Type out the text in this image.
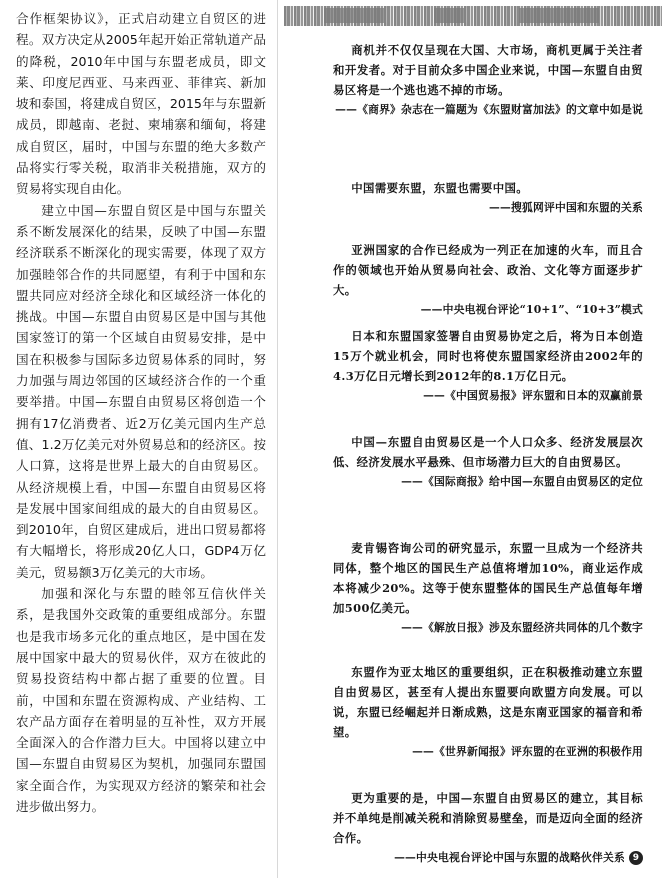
合作框架协议》，正式启动建立自贸区的进程。双方决定从2005年起开始正常轨道产品的降税，2010年中国与东盟老成员，即文莱、印度尼西亚、马来西亚、菲律宾、新加坡和泰国，将建成自贸区，2015年与东盟新成员，即越南、老挝、柬埔寨和缅甸，将建成自贸区，届时，中国与东盟的绝大多数产品将实行零关税，取消非关税措施，双方的贸易将实现自由化。

建立中国—东盟自贸区是中国与东盟关系不断发展深化的结果，反映了中国—东盟经济联系不断深化的现实需要，体现了双方加强睦邻合作的共同愿望，有利于中国和东盟共同应对经济全球化和区域经济一体化的挑战。中国—东盟自由贸易区是中国与其他国家签订的第一个区域自由贸易安排，是中国在积极参与国际多边贸易体系的同时，努力加强与周边邻国的区域经济合作的一个重要举措。中国—东盟自由贸易区将创造一个拥有17亿消费者、近2万亿美元国内生产总值、1.2万亿美元对外贸易总和的经济区。按人口算，这将是世界上最大的自由贸易区。从经济规模上看，中国—东盟自由贸易区将是发展中国家间组成的最大的自由贸易区。到2010年，自贸区建成后，进出口贸易都将有大幅增长，将形成20亿人口，GDP4万亿美元，贸易额3万亿美元的大市场。

加强和深化与东盟的睦邻互信伙伴关系，是我国外交政策的重要组成部分。东盟也是我市场多元化的重点地区，是中国在发展中国家中最大的贸易伙伴，双方在彼此的贸易投资结构中都占据了重要的位置。目前，中国和东盟在资源构成、产业结构、工农产品方面存在着明显的互补性，双方开展全面深入的合作潜力巨大。中国将以建立中国—东盟自由贸易区为契机，加强同东盟国家全面合作，为实现双方经济的繁荣和社会进步做出努力。

商机并不仅仅呈现在大国、大市场，商机更属于关注者和开发者。对于目前众多中国企业来说，中国—东盟自由贸易区将是一个逃也逃不掉的市场。

——《商界》杂志在一篇题为《东盟财富加法》的文章中如是说

中国需要东盟，东盟也需要中国。

——搜狐网评中国和东盟的关系

亚洲国家的合作已经成为一列正在加速的火车，而且合作的领域也开始从贸易向社会、政治、文化等方面逐步扩大。

——中央电视台评论“10+1”、“10+3”模式

日本和东盟国家签署自由贸易协定之后，将为日本创造15万个就业机会，同时也将使东盟国家经济由2002年的4.3万亿日元增长到2012年的8.1万亿日元。

——《中国贸易报》评东盟和日本的双赢前景

中国—东盟自由贸易区是一个人口众多、经济发展层次低、经济发展水平悬殊、但市场潜力巨大的自由贸易区。

——《国际商报》给中国—东盟自由贸易区的定位

麦肯锡咨询公司的研究显示，东盟一旦成为一个经济共同体，整个地区的国民生产总值将增加10%，商业运作成本将减少20%。这等于使东盟整体的国民生产总值每年增加500亿美元。

——《解放日报》涉及东盟经济共同体的几个数字

东盟作为亚太地区的重要组织，正在积极推动建立东盟自由贸易区，甚至有人提出东盟要向欧盟方向发展。可以说，东盟已经崛起并日渐成熟，这是东南亚国家的福音和希望。

——《世界新闻报》评东盟的在亚洲的积极作用

更为重要的是，中国—东盟自由贸易区的建立，其目标并不单纯是削减关税和消除贸易壁垒，而是迈向全面的经济合作。

——中央电视台评论中国与东盟的战略伙伴关系 9
